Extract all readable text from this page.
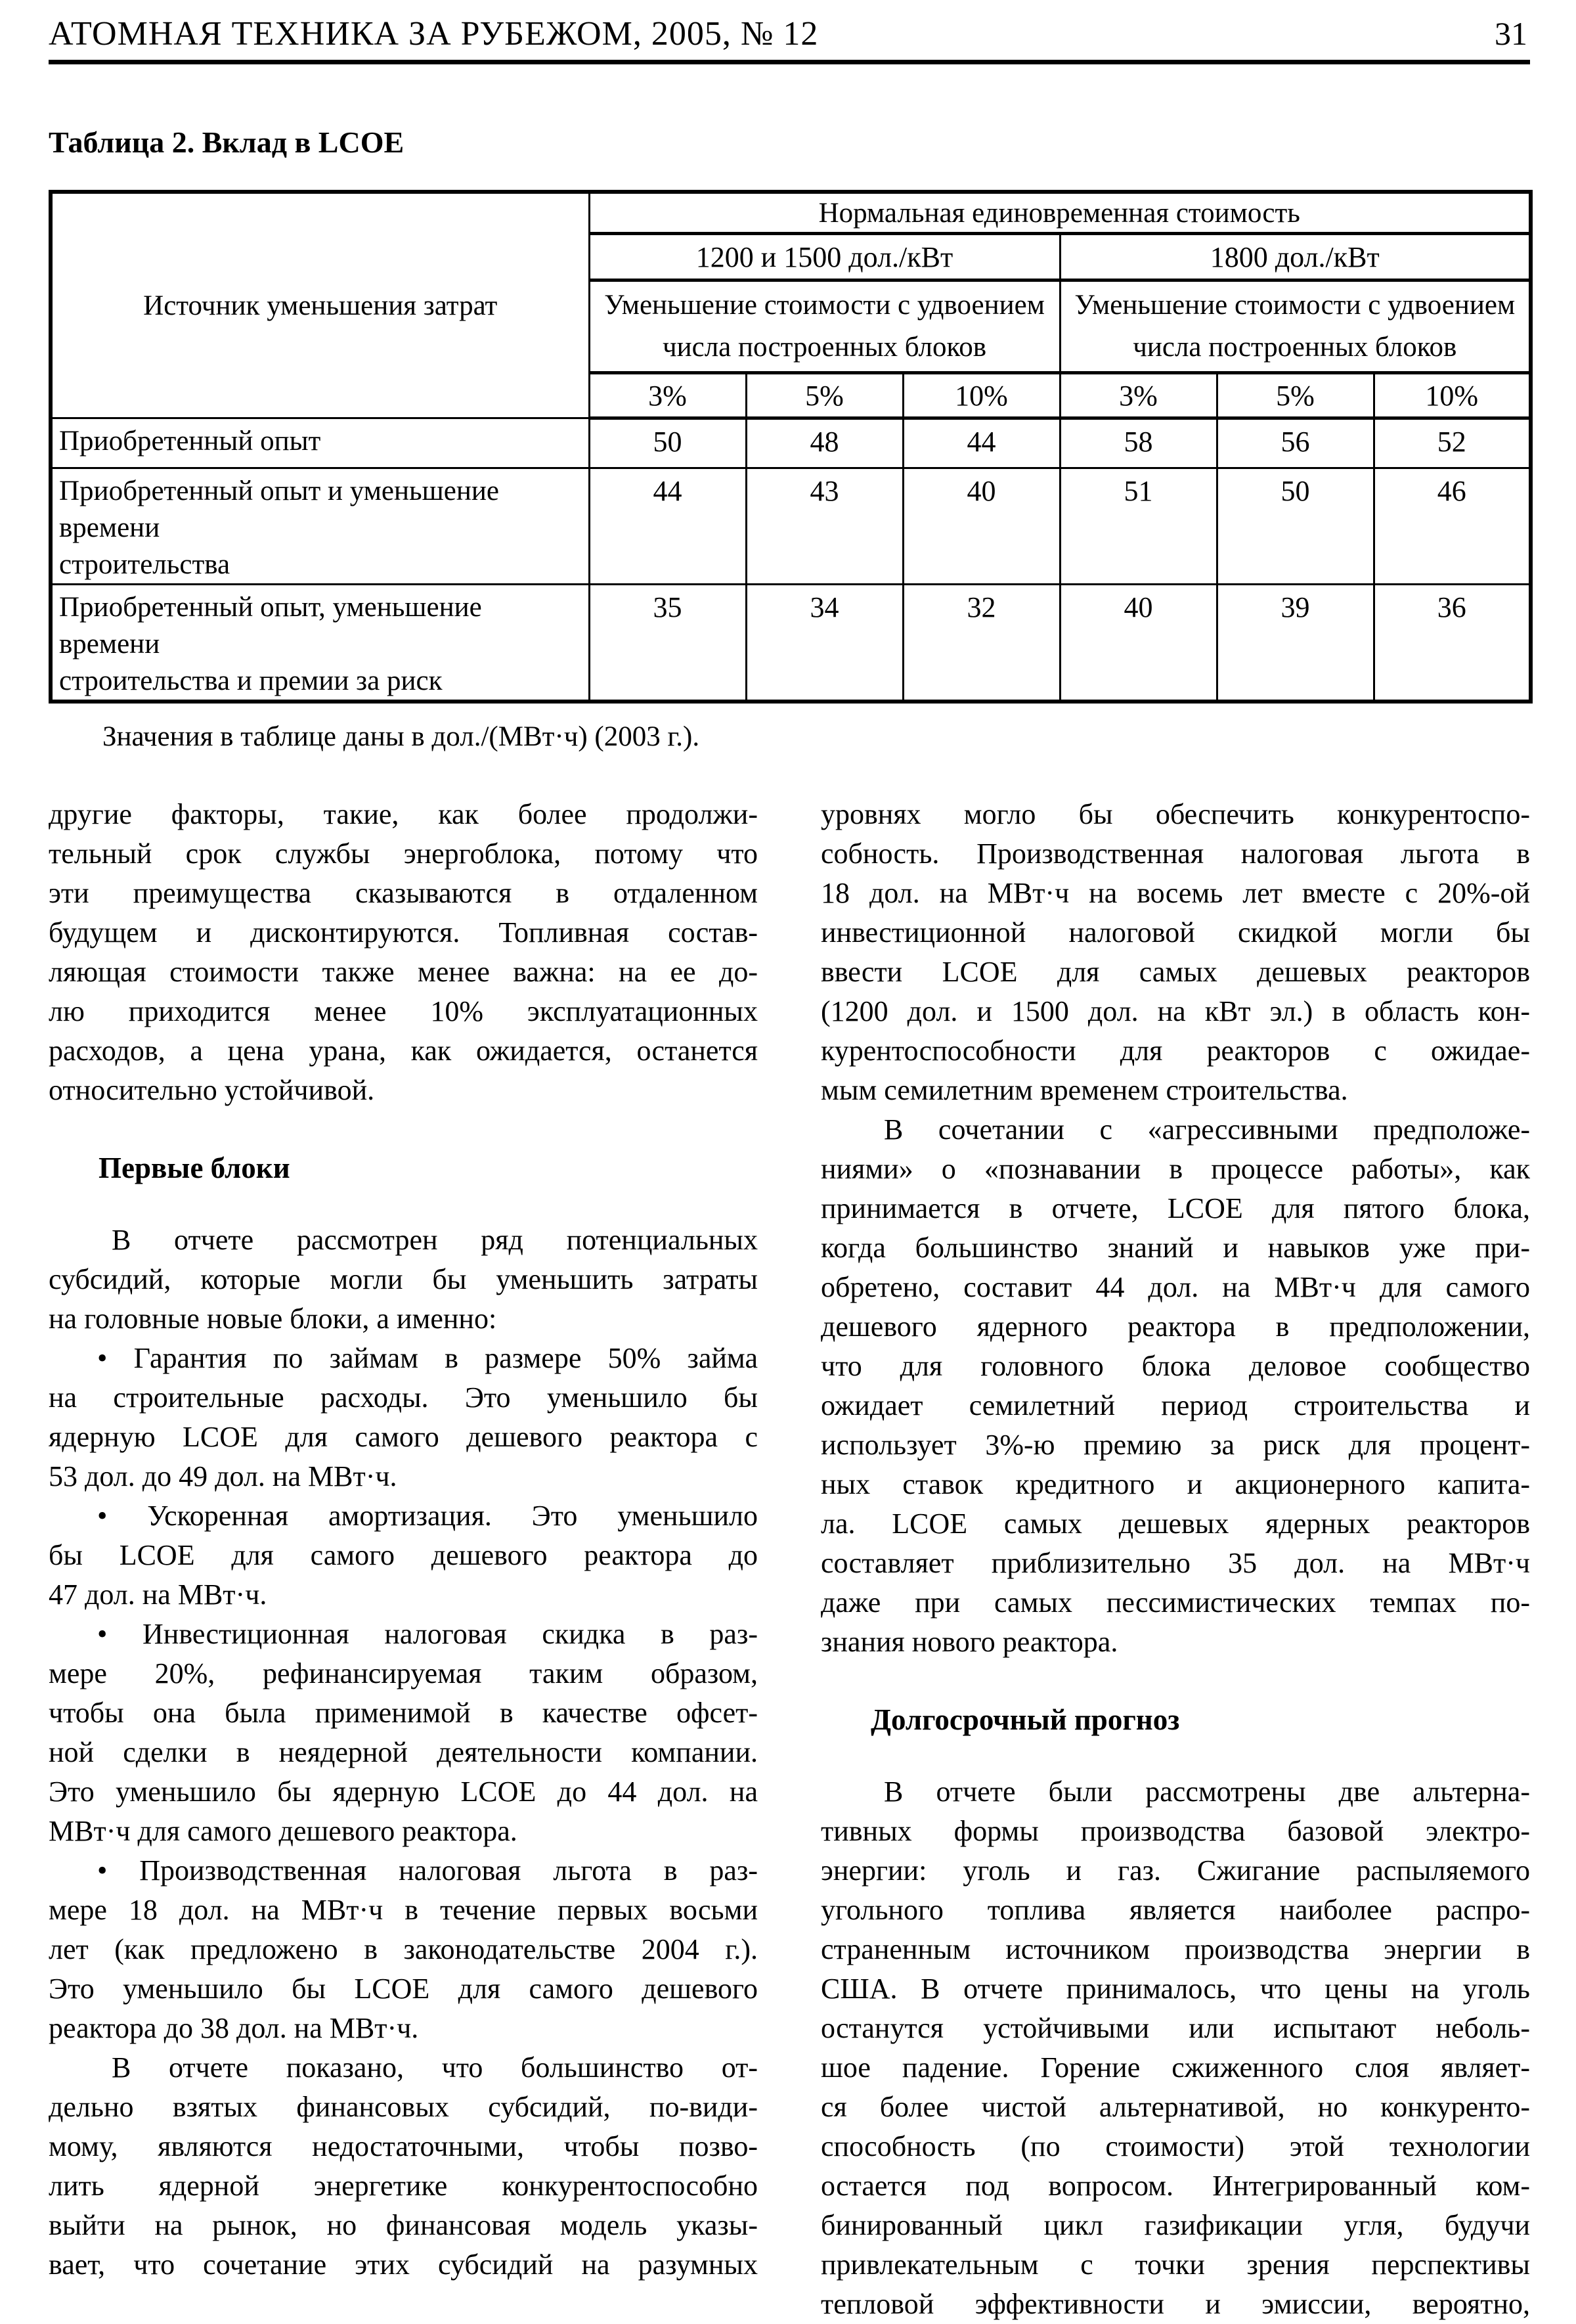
АТОМНАЯ ТЕХНИКА ЗА РУБЕЖОМ, 2005, № 12	31
Таблица 2. Вклад в LCOE
Источник уменьшения затрат	Нормальная единовременная стоимость					
	1200 и 1500 дол./кВт			1800 дол./кВт		

Уменьшение стоимости с удвоением
числа построенных блоков

Уменьшение стоимости с удвоением
числа построенных блоков

	3%	5%	10%	3%	5%	10%

Приобретенный опыт	50	48	44	58	56	52

Приобретенный опыт и уменьшение времени
строительства	44	43	40	51	50	46

Приобретенный опыт, уменьшение времени
строительства и премии за риск	35	34	32	40	39	36
Значения в таблице даны в дол./(МВт·ч) (2003 г.).
другие факторы, такие, как более продолжи-
тельный срок службы энергоблока, потому что
эти преимущества сказываются в отдаленном
будущем и дисконтируются. Топливная состав-
ляющая стоимости также менее важна: на ее до-
лю приходится менее 10% эксплуатационных
расходов, а цена урана, как ожидается, останется
относительно устойчивой.
Первые блоки
В отчете рассмотрен ряд потенциальных
субсидий, которые могли бы уменьшить затраты
на головные новые блоки, а именно:
• Гарантия по займам в размере 50% займа
на строительные расходы. Это уменьшило бы
ядерную LCOE для самого дешевого реактора с
53 дол. до 49 дол. на МВт·ч.
• Ускоренная амортизация. Это уменьшило
бы LCOE для самого дешевого реактора до
47 дол. на МВт·ч.
• Инвестиционная налоговая скидка в раз-
мере 20%, рефинансируемая таким образом,
чтобы она была применимой в качестве офсет-
ной сделки в неядерной деятельности компании.
Это уменьшило бы ядерную LCOE до 44 дол. на
МВт·ч для самого дешевого реактора.
• Производственная налоговая льгота в раз-
мере 18 дол. на МВт·ч в течение первых восьми
лет (как предложено в законодательстве 2004 г.).
Это уменьшило бы LCOE для самого дешевого
реактора до 38 дол. на МВт·ч.
В отчете показано, что большинство от-
дельно взятых финансовых субсидий, по-види-
мому, являются недостаточными, чтобы позво-
лить ядерной энергетике конкурентоспособно
выйти на рынок, но финансовая модель указы-
вает, что сочетание этих субсидий на разумных
уровнях могло бы обеспечить конкурентоспо-
собность. Производственная налоговая льгота в
18 дол. на МВт·ч на восемь лет вместе с 20%-ой
инвестиционной налоговой скидкой могли бы
ввести LCOE для самых дешевых реакторов
(1200 дол. и 1500 дол. на кВт эл.) в область кон-
курентоспособности для реакторов с ожидае-
мым семилетним временем строительства.
В сочетании с «агрессивными предположе-
ниями» о «познавании в процессе работы», как
принимается в отчете, LCOE для пятого блока,
когда большинство знаний и навыков уже при-
обретено, составит 44 дол. на МВт·ч для самого
дешевого ядерного реактора в предположении,
что для головного блока деловое сообщество
ожидает семилетний период строительства и
использует 3%-ю премию за риск для процент-
ных ставок кредитного и акционерного капита-
ла. LCOE самых дешевых ядерных реакторов
составляет приблизительно 35 дол. на МВт·ч
даже при самых пессимистических темпах по-
знания нового реактора.
Долгосрочный прогноз
В отчете были рассмотрены две альтерна-
тивных формы производства базовой электро-
энергии: уголь и газ. Сжигание распыляемого
угольного топлива является наиболее распро-
страненным источником производства энергии в
США. В отчете принималось, что цены на уголь
останутся устойчивыми или испытают неболь-
шое падение. Горение сжиженного слоя являет-
ся более чистой альтернативой, но конкуренто-
способность (по стоимости) этой технологии
остается под вопросом. Интегрированный ком-
бинированный цикл газификации угля, будучи
привлекательным с точки зрения перспективы
тепловой эффективности и эмиссии, вероятно,
